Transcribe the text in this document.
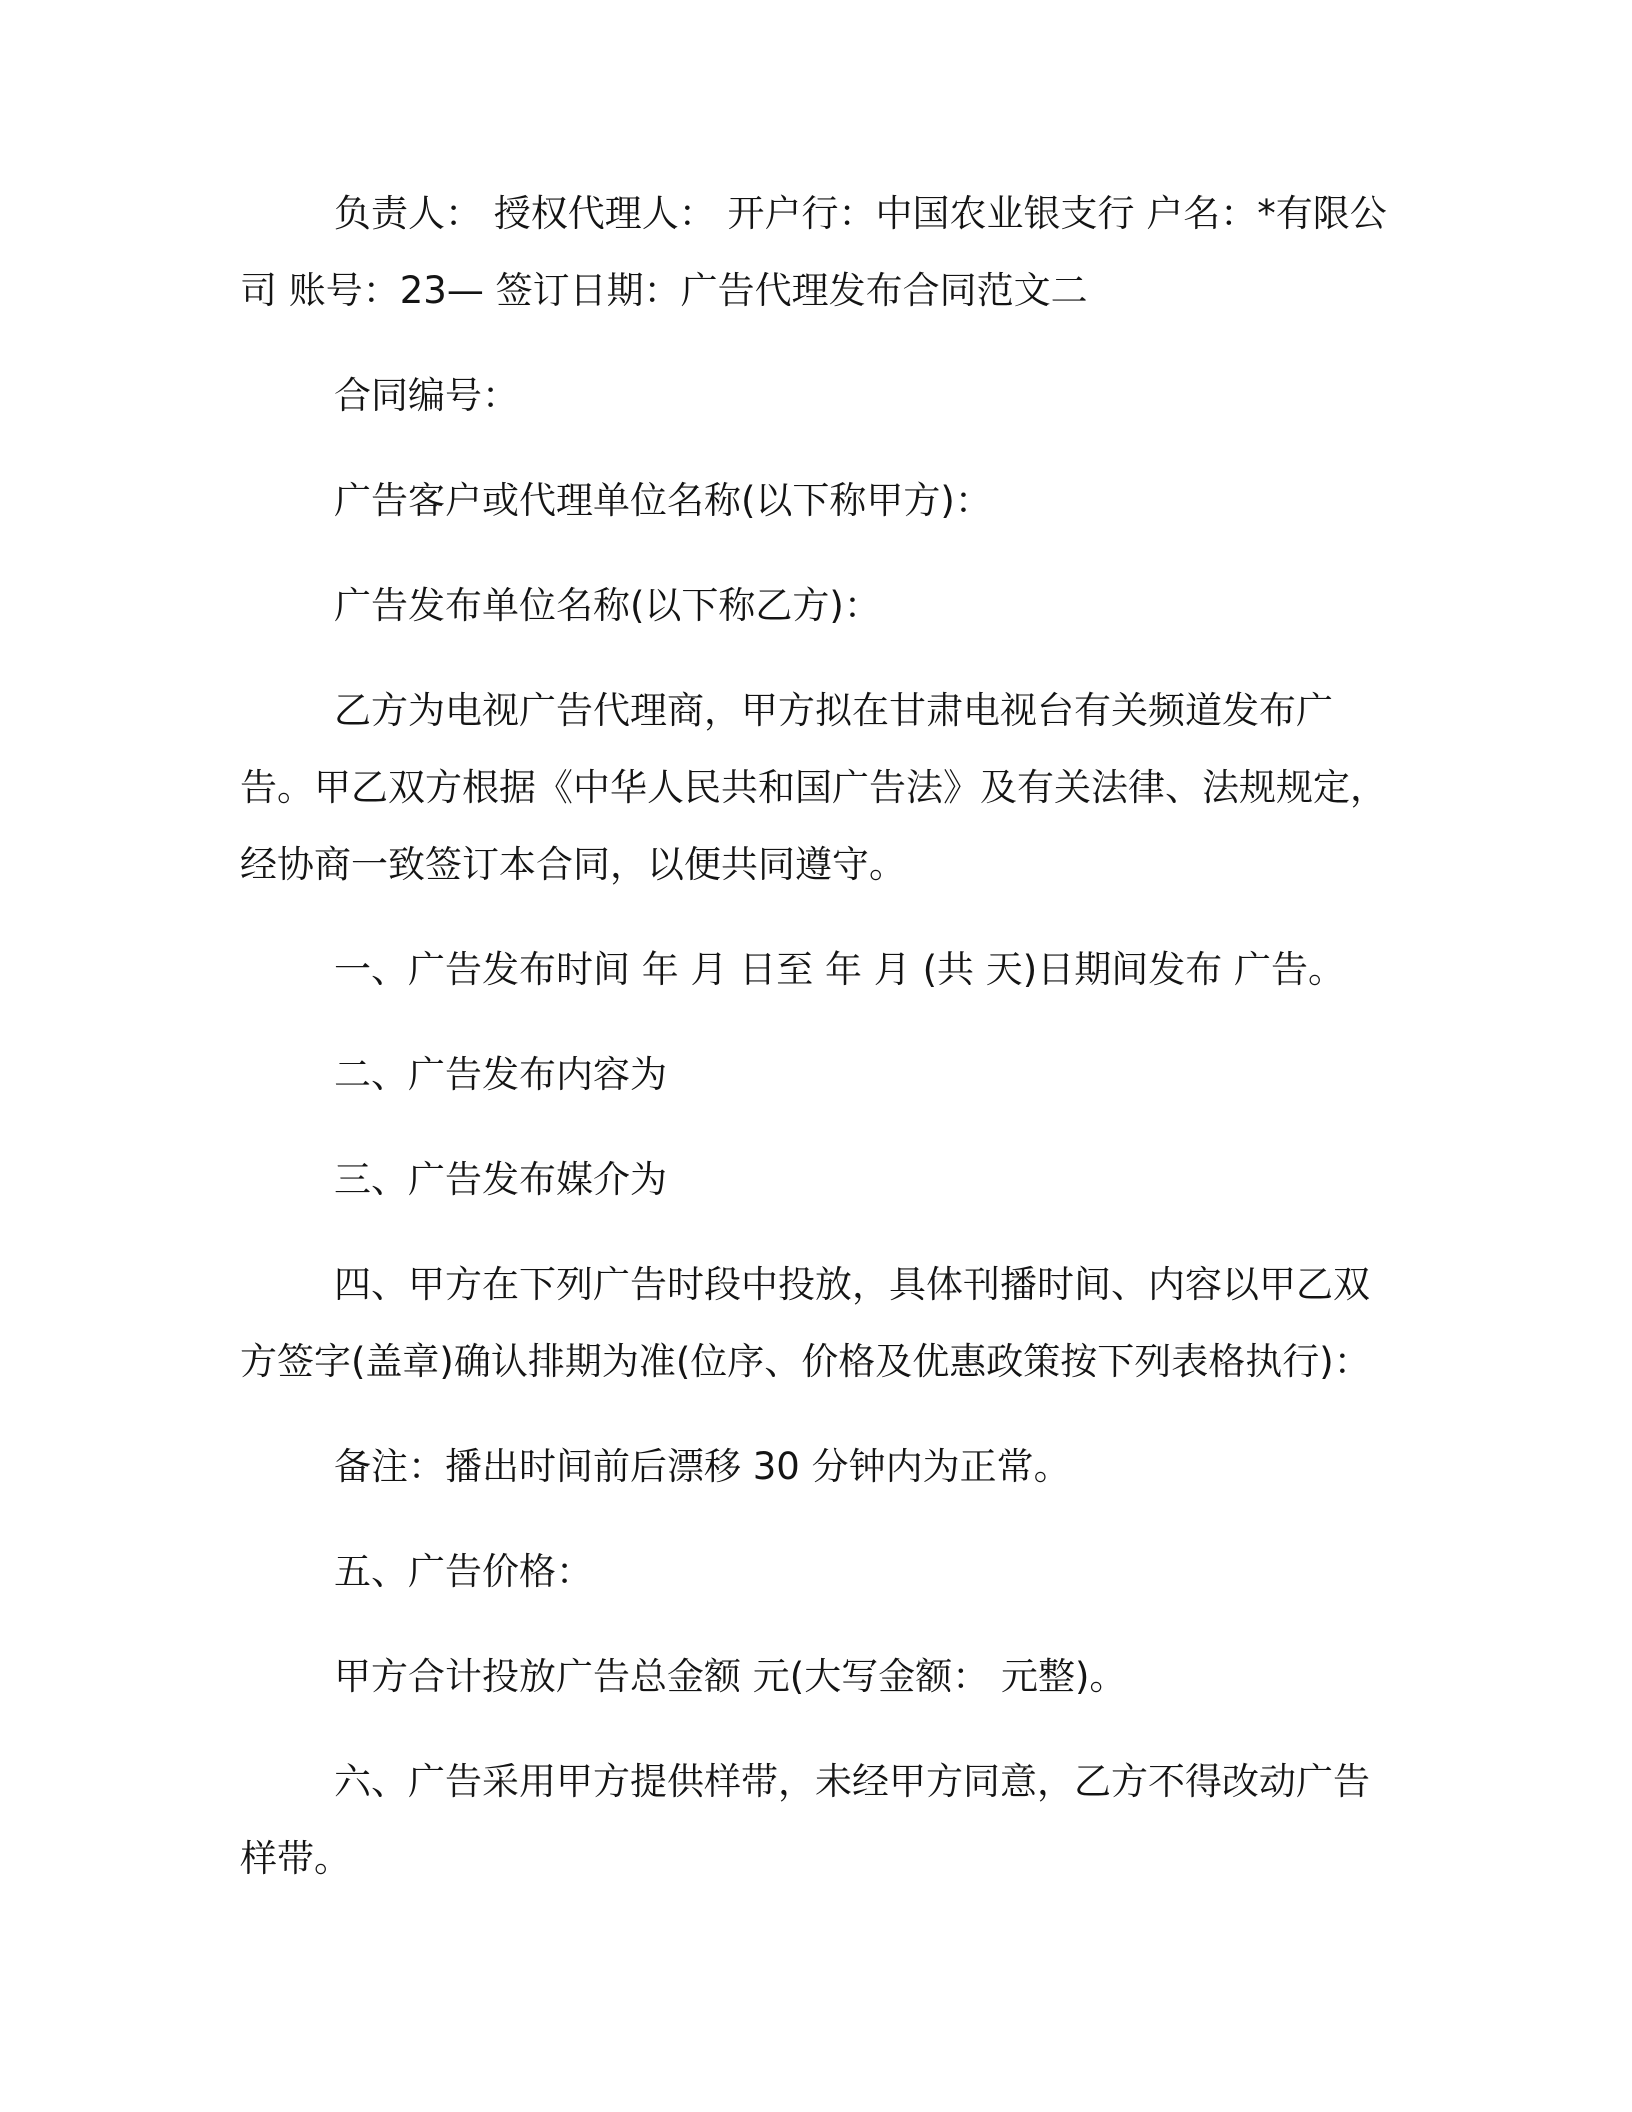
负责人： 授权代理人： 开户行：中国农业银支行 户名：*有限公司 账号：23— 签订日期：广告代理发布合同范文二

合同编号：

广告客户或代理单位名称(以下称甲方)：

广告发布单位名称(以下称乙方)：

乙方为电视广告代理商，甲方拟在甘肃电视台有关频道发布广告。甲乙双方根据《中华人民共和国广告法》及有关法律、法规规定，经协商一致签订本合同，以便共同遵守。

一、广告发布时间 年 月 日至 年 月 (共 天)日期间发布 广告。

二、广告发布内容为

三、广告发布媒介为

四、甲方在下列广告时段中投放，具体刊播时间、内容以甲乙双方签字(盖章)确认排期为准(位序、价格及优惠政策按下列表格执行)：

备注：播出时间前后漂移 30 分钟内为正常。

五、广告价格：

甲方合计投放广告总金额 元(大写金额： 元整)。

六、广告采用甲方提供样带，未经甲方同意，乙方不得改动广告样带。
